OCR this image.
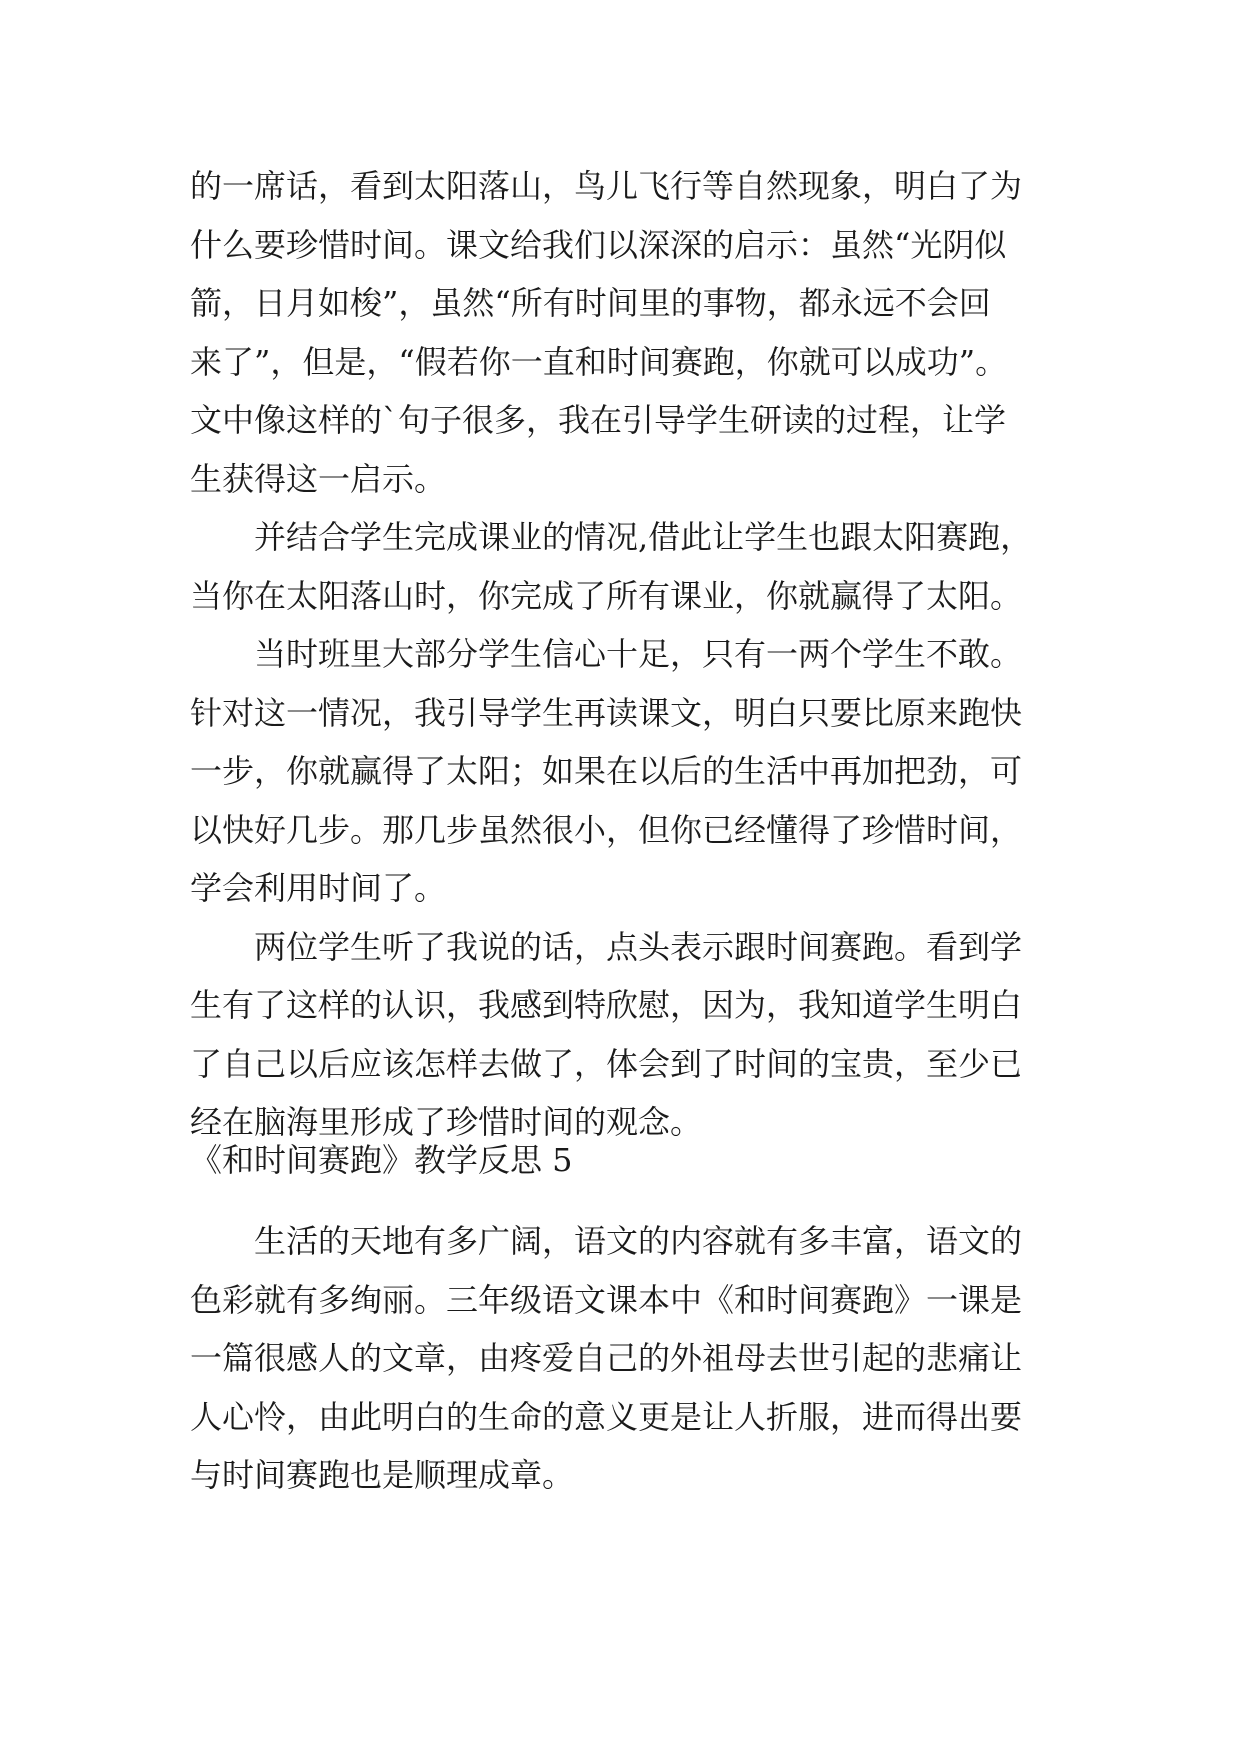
的一席话，看到太阳落山，鸟儿飞行等自然现象，明白了为
什么要珍惜时间。课文给我们以深深的启示：虽然“光阴似
箭，日月如梭”，虽然“所有时间里的事物，都永远不会回
来了”，但是，“假若你一直和时间赛跑，你就可以成功”。
文中像这样的`句子很多，我在引导学生研读的过程，让学
生获得这一启示。
并结合学生完成课业的情况,借此让学生也跟太阳赛跑，
当你在太阳落山时，你完成了所有课业，你就赢得了太阳。
当时班里大部分学生信心十足，只有一两个学生不敢。
针对这一情况，我引导学生再读课文，明白只要比原来跑快
一步，你就赢得了太阳；如果在以后的生活中再加把劲，可
以快好几步。那几步虽然很小，但你已经懂得了珍惜时间，
学会利用时间了。
两位学生听了我说的话，点头表示跟时间赛跑。看到学
生有了这样的认识，我感到特欣慰，因为，我知道学生明白
了自己以后应该怎样去做了，体会到了时间的宝贵，至少已
经在脑海里形成了珍惜时间的观念。
《和时间赛跑》教学反思 5
生活的天地有多广阔，语文的内容就有多丰富，语文的
色彩就有多绚丽。三年级语文课本中《和时间赛跑》一课是
一篇很感人的文章，由疼爱自己的外祖母去世引起的悲痛让
人心怜，由此明白的生命的意义更是让人折服，进而得出要
与时间赛跑也是顺理成章。
